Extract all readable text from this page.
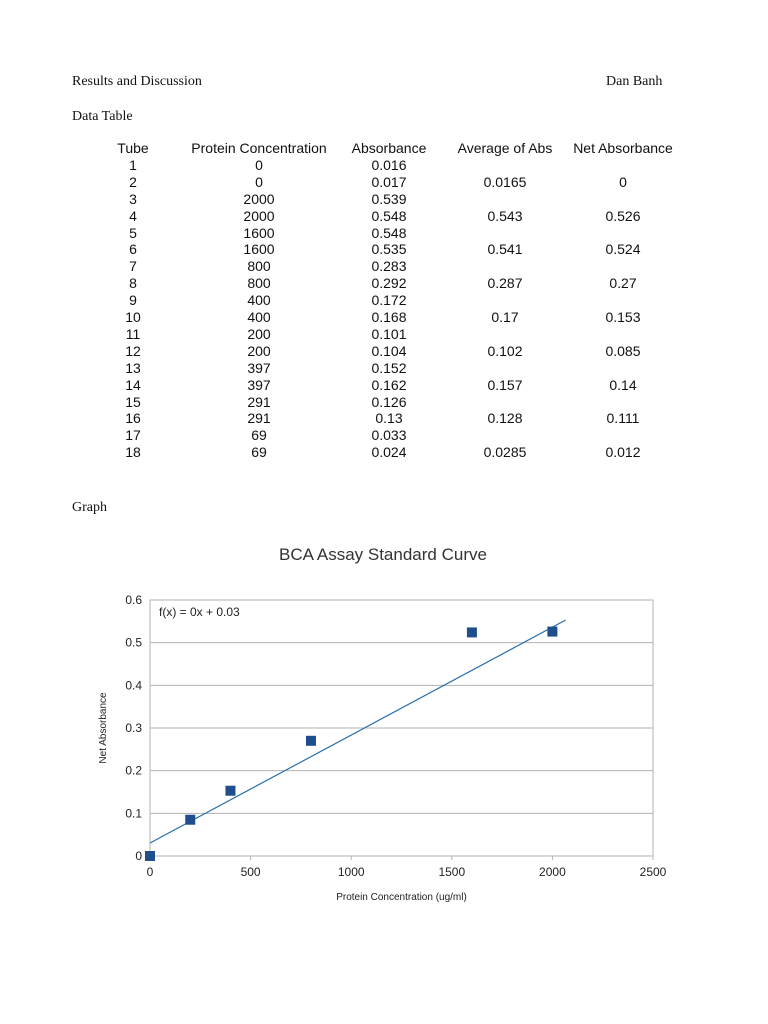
Results and Discussion	Dan Banh
Data Table
Tube	Protein Concentration	Absorbance	Average of Abs	Net Absorbance
1	0	0.016
2	0	0.017	0.0165	0
3	2000	0.539
4	2000	0.548	0.543	0.526
5	1600	0.548
6	1600	0.535	0.541	0.524
7	800	0.283
8	800	0.292	0.287	0.27
9	400	0.172
10	400	0.168	0.17	0.153
11	200	0.101
12	200	0.104	0.102	0.085
13	397	0.152
14	397	0.162	0.157	0.14
15	291	0.126
16	291	0.13	0.128	0.111
17	69	0.033
18	69	0.024	0.0285	0.012
Graph
BCA Assay Standard Curve
0
0.1
0.2
0.3
0.4
0.5
0.6
0	500	1000	1500	2000	2500
Protein Concentration (ug/ml)
Net Absorbance
f(x) = 0x + 0.03
